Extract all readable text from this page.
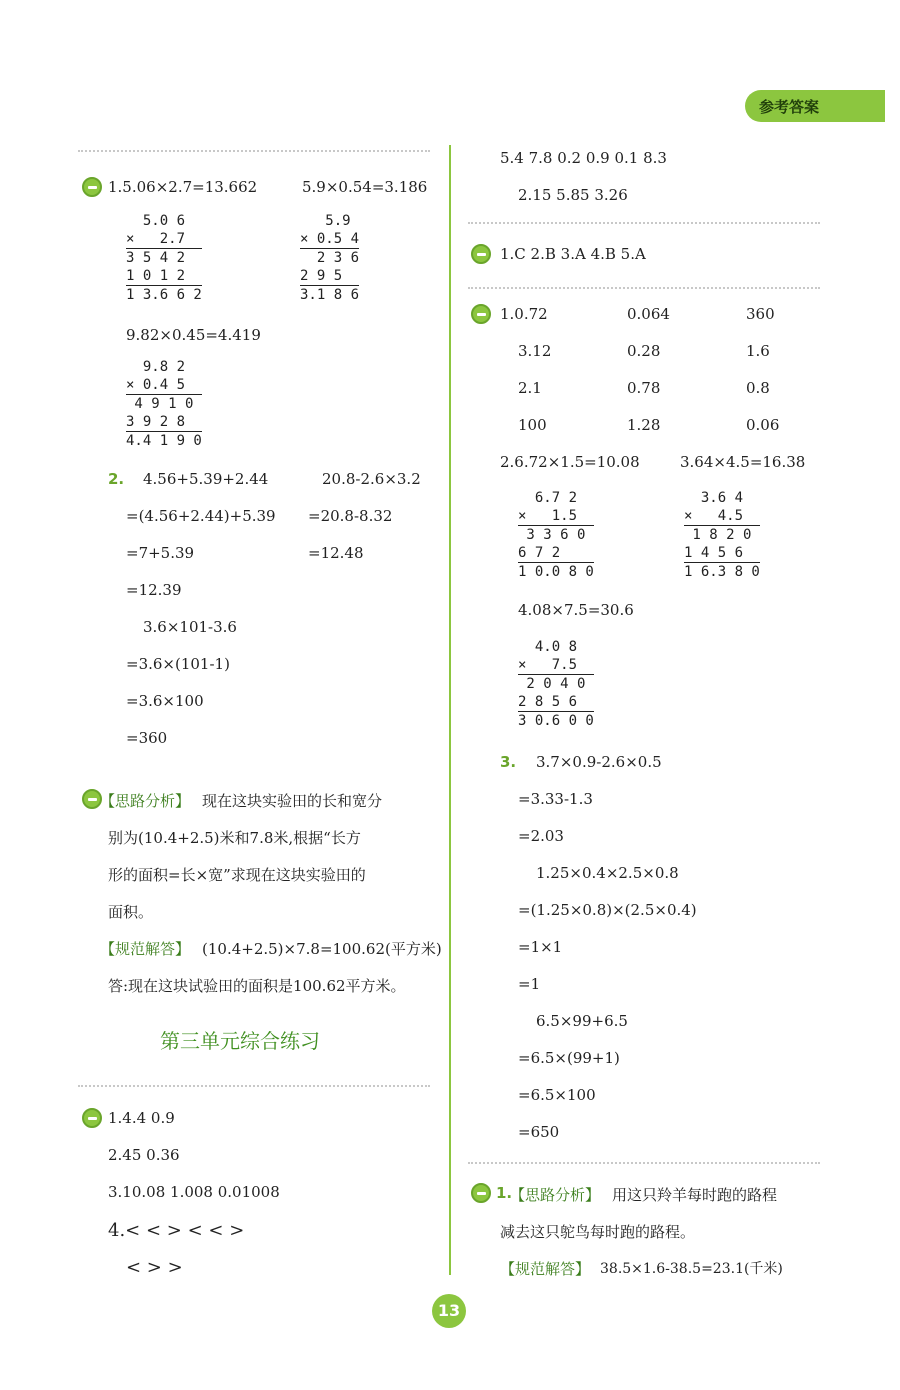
参考答案
1.5.06×2.7=13.662	5.9×0.54=3.186
5.0 6
×   2.7
3 5 4 2
1 0 1 2
1 3.6 6 2
5.9
× 0.5 4
2 3 6
2 9 5
3.1 8 6
9.82×0.45=4.419
9.8 2
× 0.4 5
4 9 1 0
3 9 2 8
4.4 1 9 0
2. 4.56+5.39+2.44
=(4.56+2.44)+5.39
=7+5.39
=12.39
20.8-2.6×3.2
=20.8-8.32
=12.48
3.6×101-3.6
=3.6×(101-1)
=3.6×100
=360
【思路分析】 现在这块实验田的长和宽分
别为(10.4+2.5)米和7.8米,根据“长方
形的面积=长×宽”求现在这块实验田的
面积。
【规范解答】 (10.4+2.5)×7.8=100.62(平方米)
答:现在这块试验田的面积是100.62平方米。
第三单元综合练习
1.4.4 0.9
2.45 0.36
3.10.08 1.008 0.01008
4.< < > < < >
< > >
5.4 7.8 0.2 0.9 0.1 8.3
2.15 5.85 3.26
1.C 2.B 3.A 4.B 5.A
1.0.72	0.064	360
3.12	0.28	1.6
2.1	0.78	0.8
100	1.28	0.06
2.6.72×1.5=10.08	3.64×4.5=16.38
6.7 2
×   1.5
3 3 6 0
6 7 2
1 0.0 8 0
3.6 4
×   4.5
1 8 2 0
1 4 5 6
1 6.3 8 0
4.08×7.5=30.6
4.0 8
×   7.5
2 0 4 0
2 8 5 6
3 0.6 0 0
3. 3.7×0.9-2.6×0.5
=3.33-1.3
=2.03
1.25×0.4×2.5×0.8
=(1.25×0.8)×(2.5×0.4)
=1×1
=1
6.5×99+6.5
=6.5×(99+1)
=6.5×100
=650
1.
【思路分析】 用这只羚羊每时跑的路程
减去这只鸵鸟每时跑的路程。
【规范解答】 38.5×1.6-38.5=23.1(千米)
13
